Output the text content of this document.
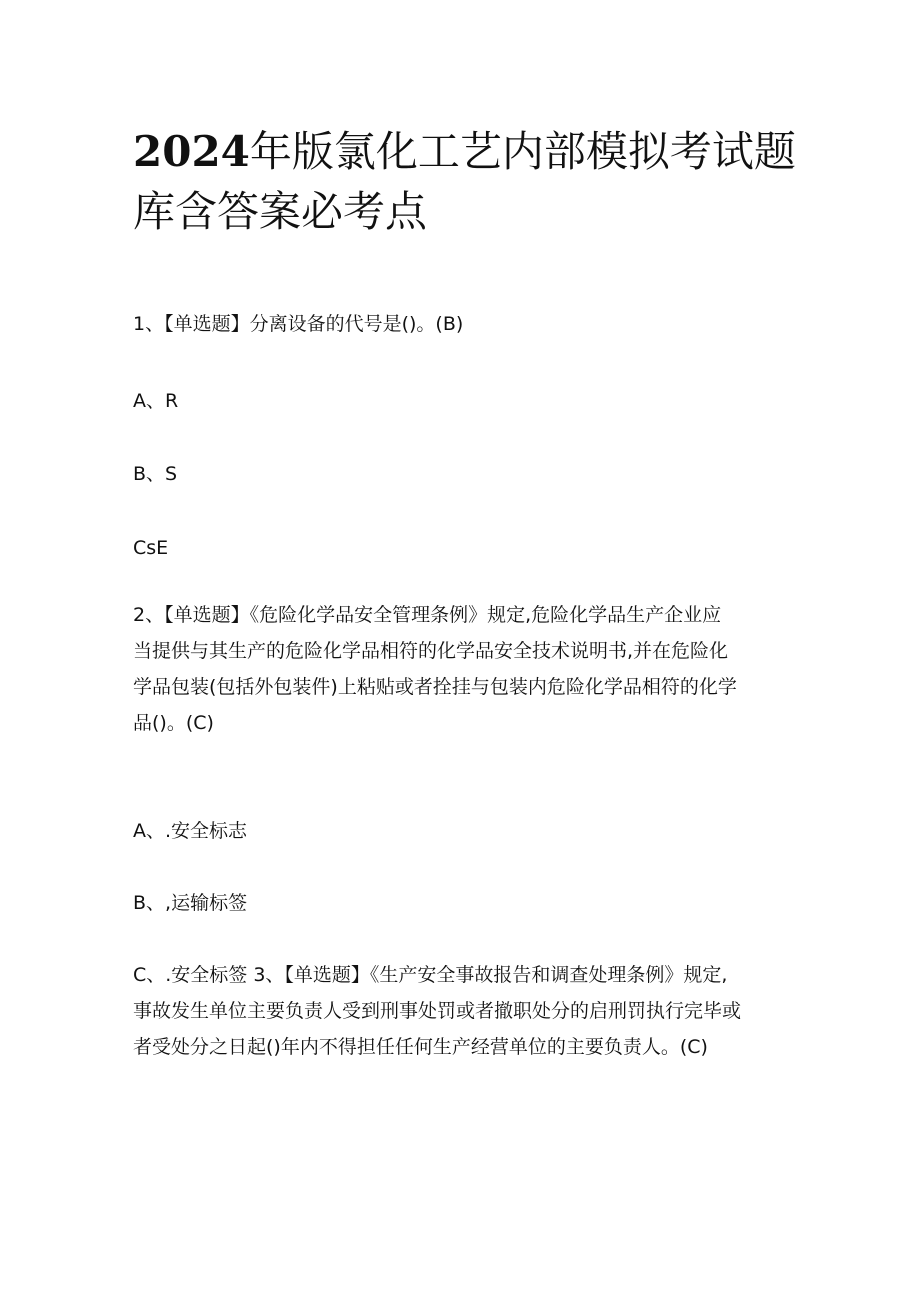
2024年版氯化工艺内部模拟考试题
库含答案必考点
1、【单选题】分离设备的代号是()。(B)
A、R
B、S
CsE
2、【单选题】《危险化学品安全管理条例》规定,危险化学品生产企业应
当提供与其生产的危险化学品相符的化学品安全技术说明书,并在危险化
学品包装(包括外包装件)上粘贴或者拴挂与包装内危险化学品相符的化学
品()。(C)
A、.安全标志
B、,运输标签
C、.安全标签 3、【单选题】《生产安全事故报告和调查处理条例》规定,
事故发生单位主要负责人受到刑事处罚或者撤职处分的启刑罚执行完毕或
者受处分之日起()年内不得担任任何生产经营单位的主要负责人。(C)
